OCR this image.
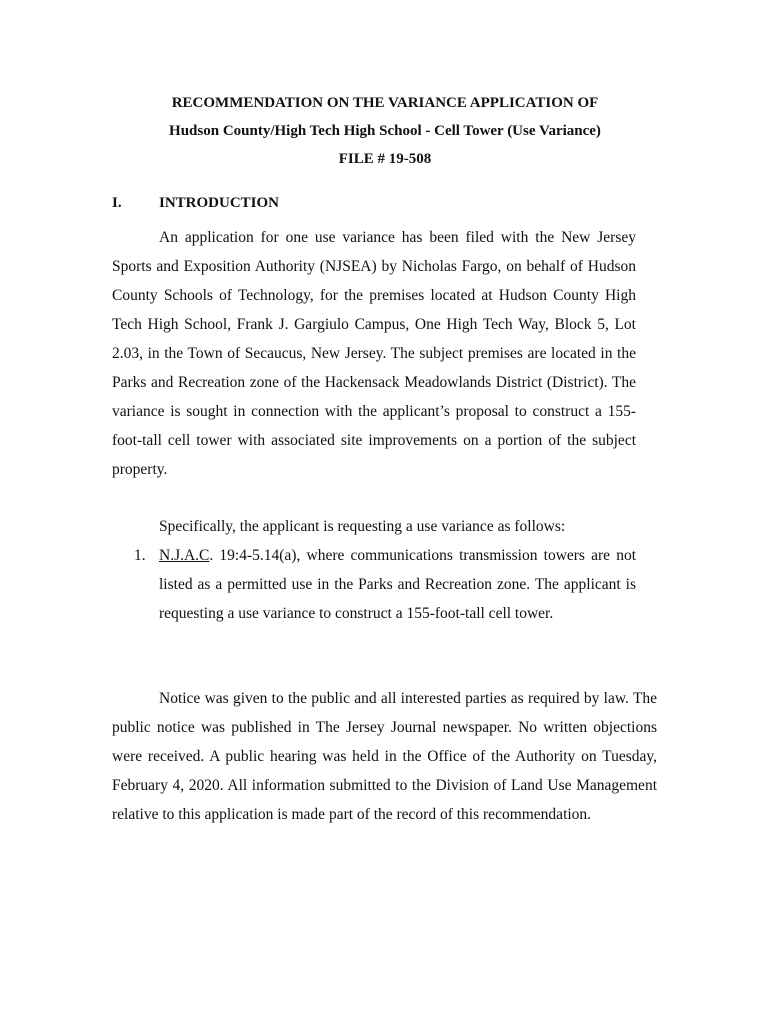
RECOMMENDATION ON THE VARIANCE APPLICATION OF
Hudson County/High Tech High School - Cell Tower (Use Variance)
FILE # 19-508
I. INTRODUCTION

An application for one use variance has been filed with the New Jersey Sports and Exposition Authority (NJSEA) by Nicholas Fargo, on behalf of Hudson County Schools of Technology, for the premises located at Hudson County High Tech High School, Frank J. Gargiulo Campus, One High Tech Way, Block 5, Lot 2.03, in the Town of Secaucus, New Jersey. The subject premises are located in the Parks and Recreation zone of the Hackensack Meadowlands District (District). The variance is sought in connection with the applicant’s proposal to construct a 155-foot-tall cell tower with associated site improvements on a portion of the subject property.

Specifically, the applicant is requesting a use variance as follows:

1. N.J.A.C. 19:4-5.14(a), where communications transmission towers are not listed as a permitted use in the Parks and Recreation zone. The applicant is requesting a use variance to construct a 155-foot-tall cell tower.

Notice was given to the public and all interested parties as required by law. The public notice was published in The Jersey Journal newspaper. No written objections were received. A public hearing was held in the Office of the Authority on Tuesday, February 4, 2020. All information submitted to the Division of Land Use Management relative to this application is made part of the record of this recommendation.
